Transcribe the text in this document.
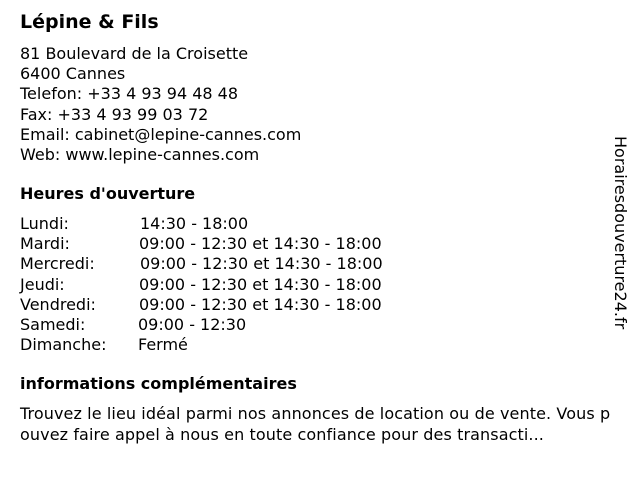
Lépine & Fils
81 Boulevard de la Croisette
6400 Cannes
Telefon: +33 4 93 94 48 48
Fax: +33 4 93 99 03 72
Email: cabinet@lepine-cannes.com
Web: www.lepine-cannes.com
Heures d'ouverture
Lundi:	14:30 - 18:00
Mardi:	09:00 - 12:30 et 14:30 - 18:00
Mercredi:	09:00 - 12:30 et 14:30 - 18:00
Jeudi:	09:00 - 12:30 et 14:30 - 18:00
Vendredi:	09:00 - 12:30 et 14:30 - 18:00
Samedi:	09:00 - 12:30
Dimanche: Fermé
informations complémentaires
Trouvez le lieu idéal parmi nos annonces de location ou de vente. Vous pouvez faire appel à nous en toute confiance pour des transacti...
Horairesdouverture24.fr
